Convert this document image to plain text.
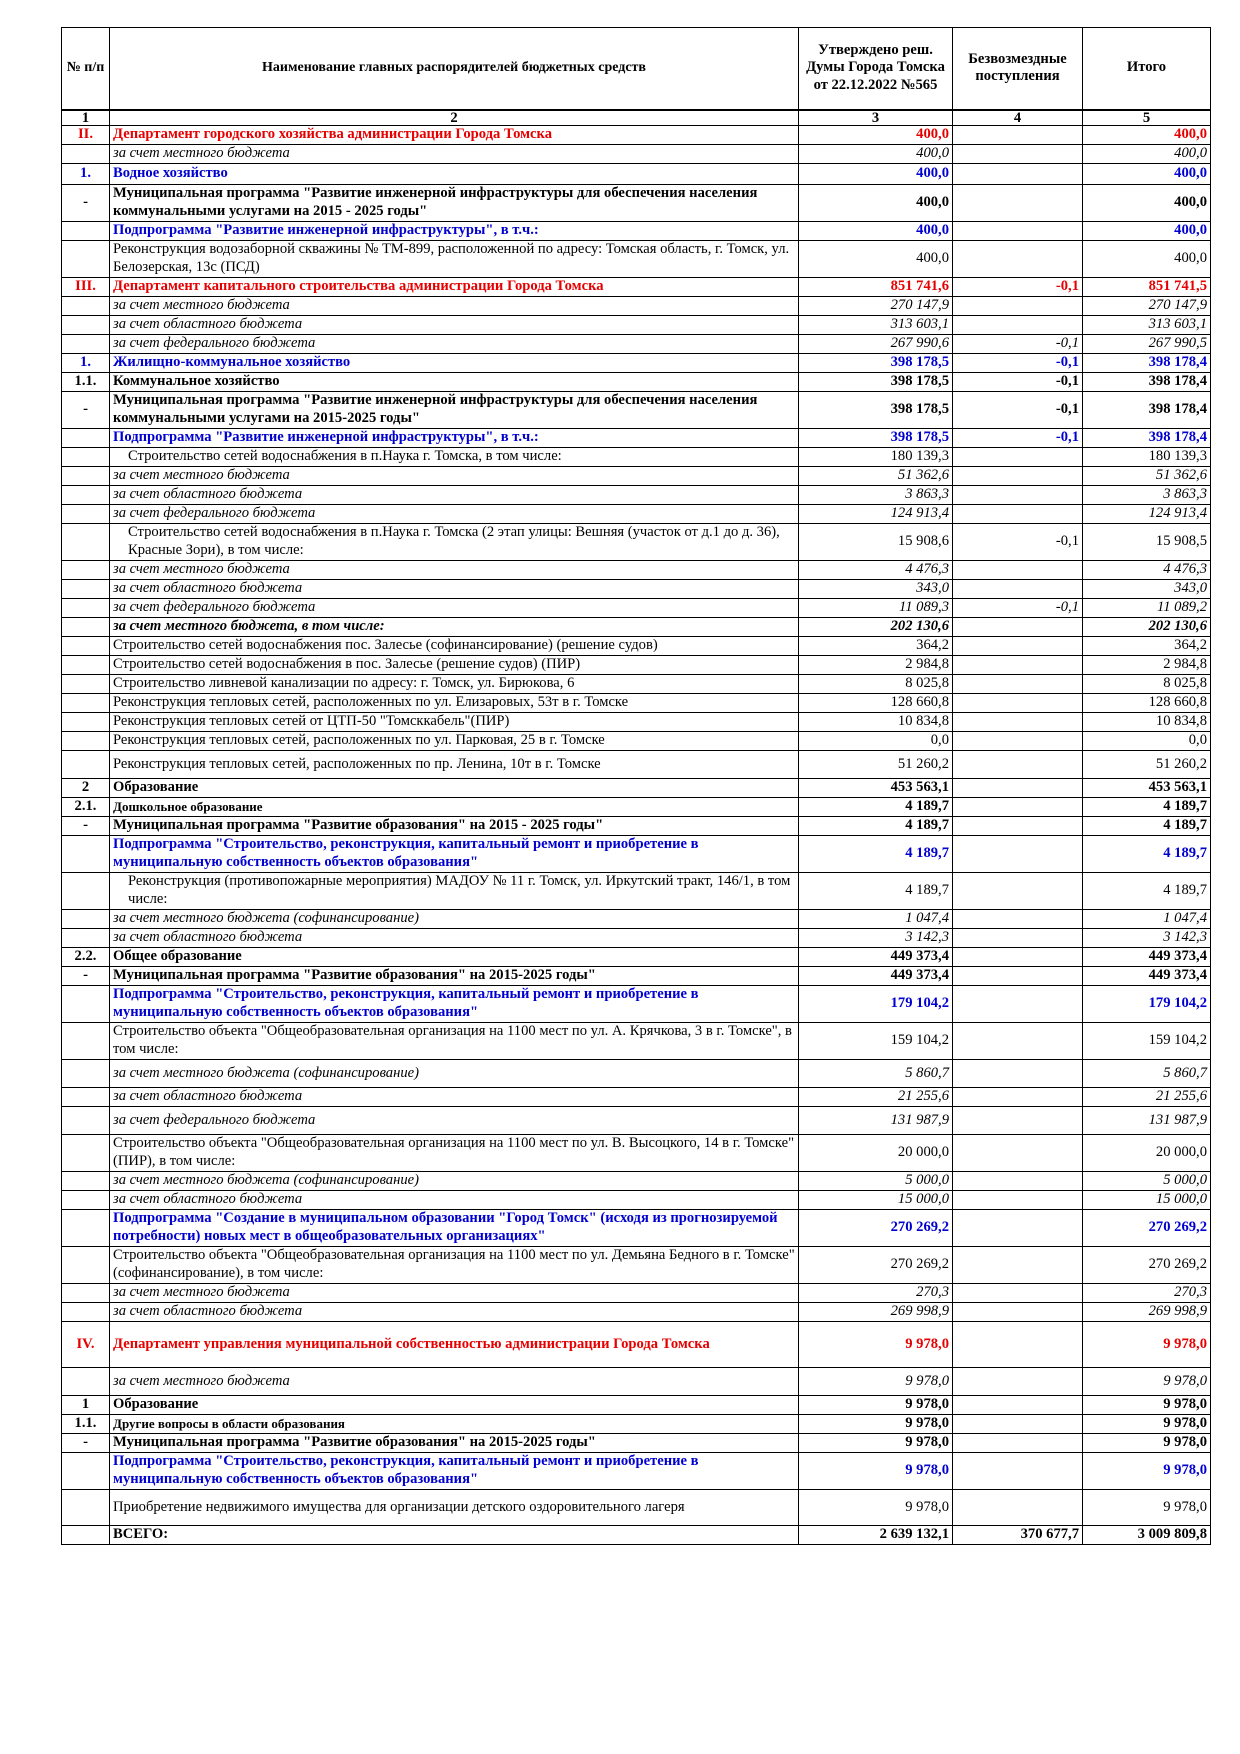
№ п/п	Наименование главных распорядителей бюджетных средств	Утверждено реш. Думы Города Томска от 22.12.2022 №565	Безвозмездные поступления	Итого
1	2	3	4	5
II.	Департамент городского хозяйства администрации Города Томска	400,0		400,0
	за счет местного бюджета	400,0		400,0
1.	Водное хозяйство	400,0		400,0
-	Муниципальная программа "Развитие инженерной инфраструктуры для обеспечения населения коммунальными услугами на 2015 - 2025 годы"	400,0		400,0
	Подпрограмма "Развитие инженерной инфраструктуры", в т.ч.:	400,0		400,0
	Реконструкция водозаборной скважины № ТМ-899, расположенной по адресу: Томская область, г. Томск, ул. Белозерская, 13с (ПСД)	400,0		400,0
III.	Департамент капитального строительства администрации Города Томска	851 741,6	-0,1	851 741,5
	за счет местного бюджета	270 147,9		270 147,9
	за счет областного бюджета	313 603,1		313 603,1
	за счет федерального бюджета	267 990,6	-0,1	267 990,5
1.	Жилищно-коммунальное хозяйство	398 178,5	-0,1	398 178,4
1.1.	Коммунальное хозяйство	398 178,5	-0,1	398 178,4
-	Муниципальная программа "Развитие инженерной инфраструктуры для обеспечения населения коммунальными услугами на 2015-2025 годы"	398 178,5	-0,1	398 178,4
	Подпрограмма "Развитие инженерной инфраструктуры", в т.ч.:	398 178,5	-0,1	398 178,4
	Строительство сетей водоснабжения в п.Наука г. Томска, в том числе:	180 139,3		180 139,3
	за счет местного бюджета	51 362,6		51 362,6
	за счет областного бюджета	3 863,3		3 863,3
	за счет федерального бюджета	124 913,4		124 913,4
	Строительство сетей водоснабжения в п.Наука г. Томска (2 этап улицы: Вешняя (участок от д.1 до д. 36), Красные Зори), в том числе:	15 908,6	-0,1	15 908,5
	за счет местного бюджета	4 476,3		4 476,3
	за счет областного бюджета	343,0		343,0
	за счет федерального бюджета	11 089,3	-0,1	11 089,2
	за счет местного бюджета, в том числе:	202 130,6		202 130,6
	Строительство сетей водоснабжения пос. Залесье (софинансирование) (решение судов)	364,2		364,2
	Строительство сетей водоснабжения в пос. Залесье (решение судов) (ПИР)	2 984,8		2 984,8
	Строительство ливневой канализации по адресу: г. Томск, ул. Бирюкова, 6	8 025,8		8 025,8
	Реконструкция тепловых сетей, расположенных по ул. Елизаровых, 53т в г. Томске	128 660,8		128 660,8
	Реконструкция тепловых сетей от ЦТП-50 "Томсккабель"(ПИР)	10 834,8		10 834,8
	Реконструкция тепловых сетей, расположенных по ул. Парковая, 25 в г. Томске	0,0		0,0
	Реконструкция тепловых сетей, расположенных по пр. Ленина, 10т в г. Томске	51 260,2		51 260,2
2	Образование	453 563,1		453 563,1
2.1.	Дошкольное образование	4 189,7		4 189,7
-	Муниципальная программа "Развитие образования" на 2015 - 2025 годы"	4 189,7		4 189,7
	Подпрограмма "Строительство, реконструкция, капитальный ремонт и приобретение в муниципальную собственность объектов образования"	4 189,7		4 189,7
	Реконструкция (противопожарные мероприятия) МАДОУ № 11 г. Томск, ул. Иркутский тракт, 146/1, в том числе:	4 189,7		4 189,7
	за счет местного бюджета (софинансирование)	1 047,4		1 047,4
	за счет областного бюджета	3 142,3		3 142,3
2.2.	Общее образование	449 373,4		449 373,4
-	Муниципальная программа "Развитие образования" на 2015-2025 годы"	449 373,4		449 373,4
	Подпрограмма "Строительство, реконструкция, капитальный ремонт и приобретение в муниципальную собственность объектов образования"	179 104,2		179 104,2
	Строительство объекта "Общеобразовательная организация на 1100 мест по ул. А. Крячкова, 3 в г. Томске", в том числе:	159 104,2		159 104,2
	за счет местного бюджета (софинансирование)	5 860,7		5 860,7
	за счет областного бюджета	21 255,6		21 255,6
	за счет федерального бюджета	131 987,9		131 987,9
	Строительство объекта "Общеобразовательная организация на 1100 мест по ул. В. Высоцкого, 14 в г. Томске" (ПИР), в том числе:	20 000,0		20 000,0
	за счет местного бюджета (софинансирование)	5 000,0		5 000,0
	за счет областного бюджета	15 000,0		15 000,0
	Подпрограмма "Создание в муниципальном образовании "Город Томск" (исходя из прогнозируемой потребности) новых мест в общеобразовательных организациях"	270 269,2		270 269,2
	Строительство объекта "Общеобразовательная организация на 1100 мест по ул. Демьяна Бедного в г. Томске" (софинансирование), в том числе:	270 269,2		270 269,2
	за счет местного бюджета	270,3		270,3
	за счет областного бюджета	269 998,9		269 998,9
IV.	Департамент управления муниципальной собственностью администрации Города Томска	9 978,0		9 978,0
	за счет местного бюджета	9 978,0		9 978,0
1	Образование	9 978,0		9 978,0
1.1.	Другие вопросы в области образования	9 978,0		9 978,0
-	Муниципальная программа "Развитие образования" на 2015-2025 годы"	9 978,0		9 978,0
	Подпрограмма "Строительство, реконструкция, капитальный ремонт и приобретение в муниципальную собственность объектов образования"	9 978,0		9 978,0
	Приобретение недвижимого имущества для организации детского оздоровительного лагеря	9 978,0		9 978,0
	ВСЕГО:	2 639 132,1	370 677,7	3 009 809,8
